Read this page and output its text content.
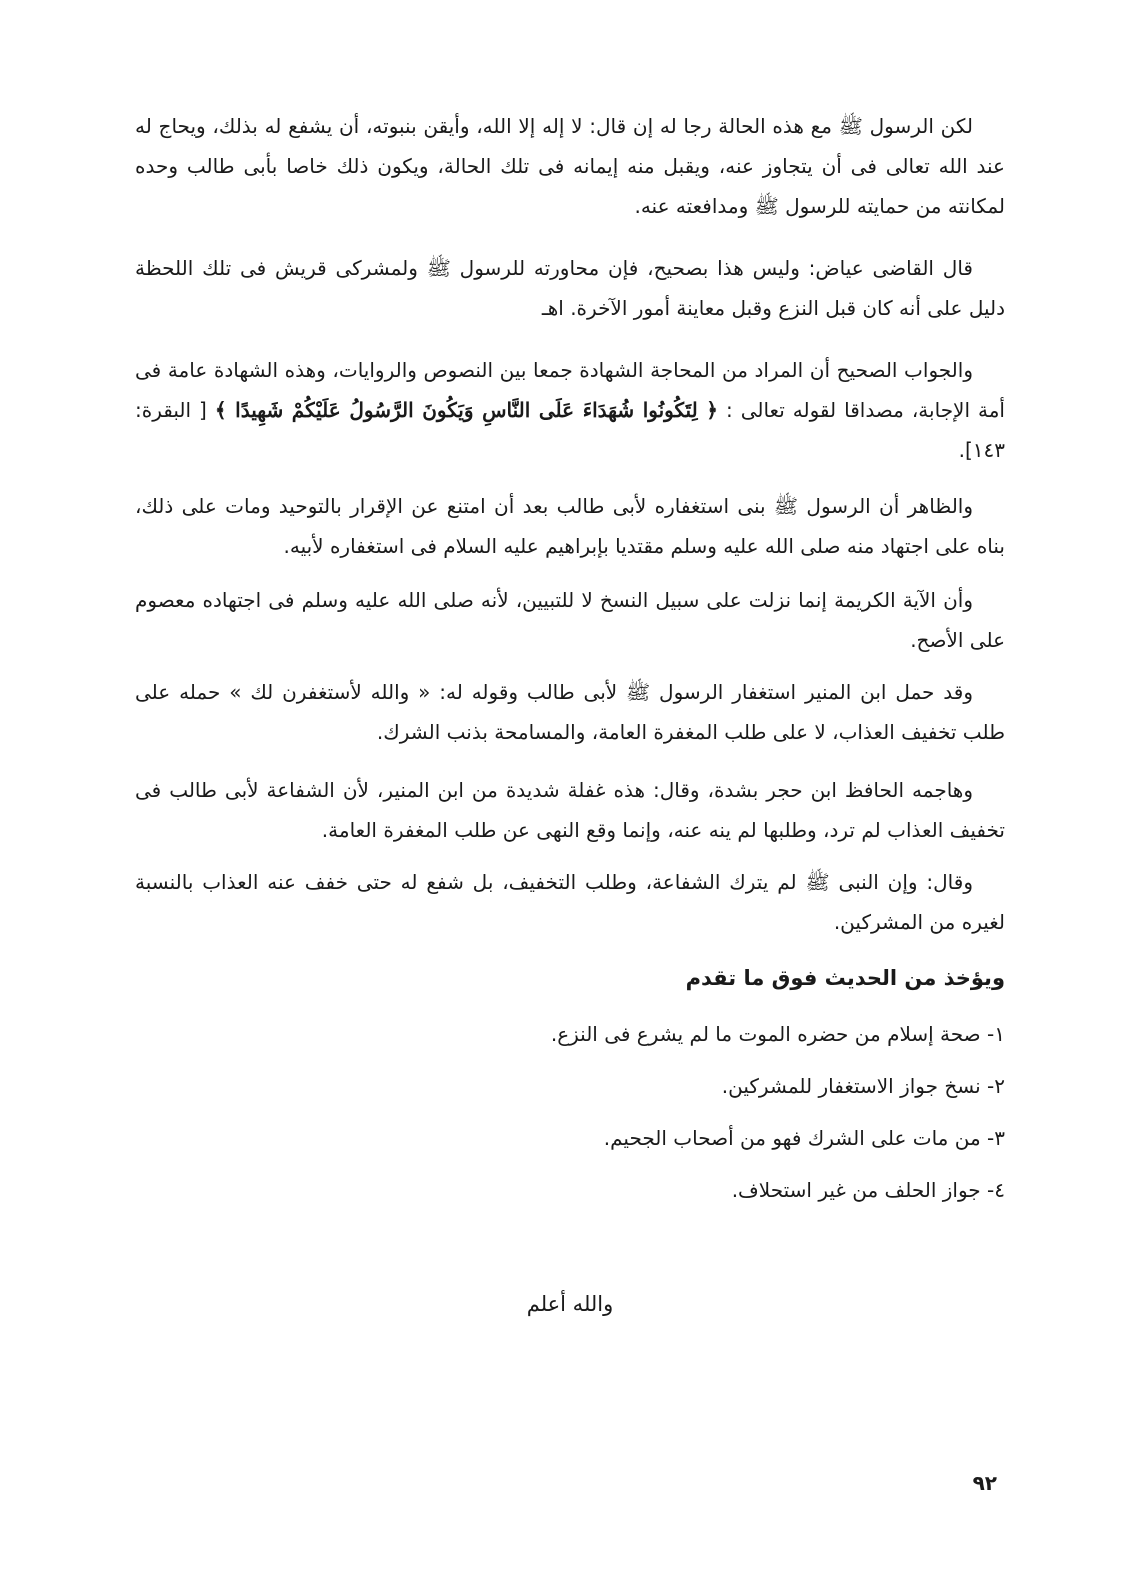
لكن الرسول ﷺ مع هذه الحالة رجا له إن قال: لا إله إلا الله، وأيقن بنبوته، أن يشفع له بذلك، ويحاج له عند الله تعالى فى أن يتجاوز عنه، ويقبل منه إيمانه فى تلك الحالة، ويكون ذلك خاصا بأبى طالب وحده لمكانته من حمايته للرسول ﷺ ومدافعته عنه.

قال القاضى عياض: وليس هذا بصحيح، فإن محاورته للرسول ﷺ ولمشركى قريش فى تلك اللحظة دليل على أنه كان قبل النزع وقبل معاينة أمور الآخرة. اهـ

والجواب الصحيح أن المراد من المحاجة الشهادة جمعا بين النصوص والروايات، وهذه الشهادة عامة فى أمة الإجابة، مصداقا لقوله تعالى : ﴿ لِتَكُونُوا شُهَدَاءَ عَلَى النَّاسِ وَيَكُونَ الرَّسُولُ عَلَيْكُمْ شَهِيدًا ﴾ [ البقرة: ١٤٣].

والظاهر أن الرسول ﷺ بنى استغفاره لأبى طالب بعد أن امتنع عن الإقرار بالتوحيد ومات على ذلك، بناه على اجتهاد منه صلى الله عليه وسلم مقتديا بإبراهيم عليه السلام فى استغفاره لأبيه.

وأن الآية الكريمة إنما نزلت على سبيل النسخ لا للتبيين، لأنه صلى الله عليه وسلم فى اجتهاده معصوم على الأصح.

وقد حمل ابن المنير استغفار الرسول ﷺ لأبى طالب وقوله له: « والله لأستغفرن لك » حمله على طلب تخفيف العذاب، لا على طلب المغفرة العامة، والمسامحة بذنب الشرك.

وهاجمه الحافظ ابن حجر بشدة، وقال: هذه غفلة شديدة من ابن المنير، لأن الشفاعة لأبى طالب فى تخفيف العذاب لم ترد، وطلبها لم ينه عنه، وإنما وقع النهى عن طلب المغفرة العامة.

وقال: وإن النبى ﷺ لم يترك الشفاعة، وطلب التخفيف، بل شفع له حتى خفف عنه العذاب بالنسبة لغيره من المشركين.

ويؤخذ من الحديث فوق ما تقدم
١- صحة إسلام من حضره الموت ما لم يشرع فى النزع.
٢- نسخ جواز الاستغفار للمشركين.
٣- من مات على الشرك فهو من أصحاب الجحيم.
٤- جواز الحلف من غير استحلاف.
والله أعلم
٩٢
